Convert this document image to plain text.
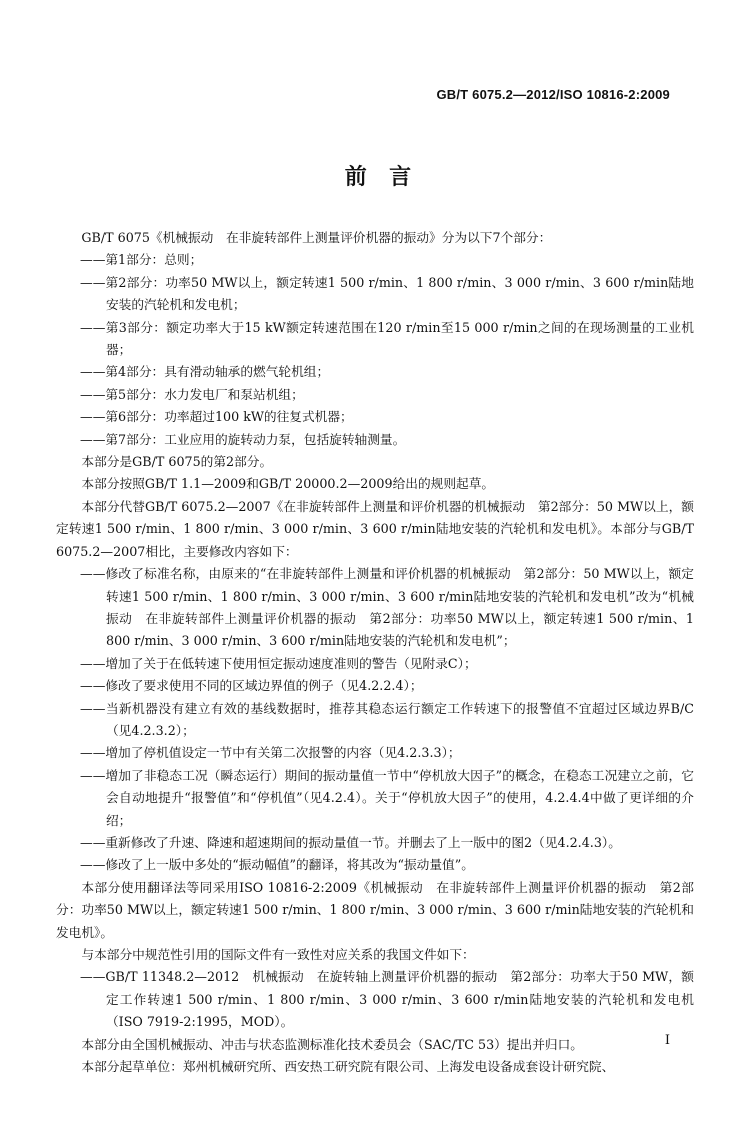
GB/T 6075.2—2012/ISO 10816-2:2009
前　言

GB/T 6075《机械振动　在非旋转部件上测量评价机器的振动》分为以下7个部分：

——第1部分：总则；

——第2部分：功率50 MW以上，额定转速1 500 r/min、1 800 r/min、3 000 r/min、3 600 r/min陆地安装的汽轮机和发电机；

——第3部分：额定功率大于15 kW额定转速范围在120 r/min至15 000 r/min之间的在现场测量的工业机器；

——第4部分：具有滑动轴承的燃气轮机组；

——第5部分：水力发电厂和泵站机组；

——第6部分：功率超过100 kW的往复式机器；

——第7部分：工业应用的旋转动力泵，包括旋转轴测量。

本部分是GB/T 6075的第2部分。

本部分按照GB/T 1.1—2009和GB/T 20000.2—2009给出的规则起草。

本部分代替GB/T 6075.2—2007《在非旋转部件上测量和评价机器的机械振动　第2部分：50 MW以上，额定转速1 500 r/min、1 800 r/min、3 000 r/min、3 600 r/min陆地安装的汽轮机和发电机》。本部分与GB/T 6075.2—2007相比，主要修改内容如下：

——修改了标准名称，由原来的“在非旋转部件上测量和评价机器的机械振动　第2部分：50 MW以上，额定转速1 500 r/min、1 800 r/min、3 000 r/min、3 600 r/min陆地安装的汽轮机和发电机”改为“机械振动　在非旋转部件上测量评价机器的振动　第2部分：功率50 MW以上，额定转速1 500 r/min、1 800 r/min、3 000 r/min、3 600 r/min陆地安装的汽轮机和发电机”；

——增加了关于在低转速下使用恒定振动速度准则的警告（见附录C）；

——修改了要求使用不同的区域边界值的例子（见4.2.2.4）；

——当新机器没有建立有效的基线数据时，推荐其稳态运行额定工作转速下的报警值不宜超过区域边界B/C（见4.2.3.2）；

——增加了停机值设定一节中有关第二次报警的内容（见4.2.3.3）；

——增加了非稳态工况（瞬态运行）期间的振动量值一节中“停机放大因子”的概念，在稳态工况建立之前，它会自动地提升“报警值”和“停机值”（见4.2.4）。关于“停机放大因子”的使用，4.2.4.4中做了更详细的介绍；

——重新修改了升速、降速和超速期间的振动量值一节。并删去了上一版中的图2（见4.2.4.3）。

——修改了上一版中多处的“振动幅值”的翻译，将其改为“振动量值”。

本部分使用翻译法等同采用ISO 10816-2:2009《机械振动　在非旋转部件上测量评价机器的振动　第2部分：功率50 MW以上，额定转速1 500 r/min、1 800 r/min、3 000 r/min、3 600 r/min陆地安装的汽轮机和发电机》。

与本部分中规范性引用的国际文件有一致性对应关系的我国文件如下：

——GB/T 11348.2—2012　机械振动　在旋转轴上测量评价机器的振动　第2部分：功率大于50 MW，额定工作转速1 500 r/min、1 800 r/min、3 000 r/min、3 600 r/min陆地安装的汽轮机和发电机（ISO 7919-2:1995，MOD）。

本部分由全国机械振动、冲击与状态监测标准化技术委员会（SAC/TC 53）提出并归口。

本部分起草单位：郑州机械研究所、西安热工研究院有限公司、上海发电设备成套设计研究院、

I
